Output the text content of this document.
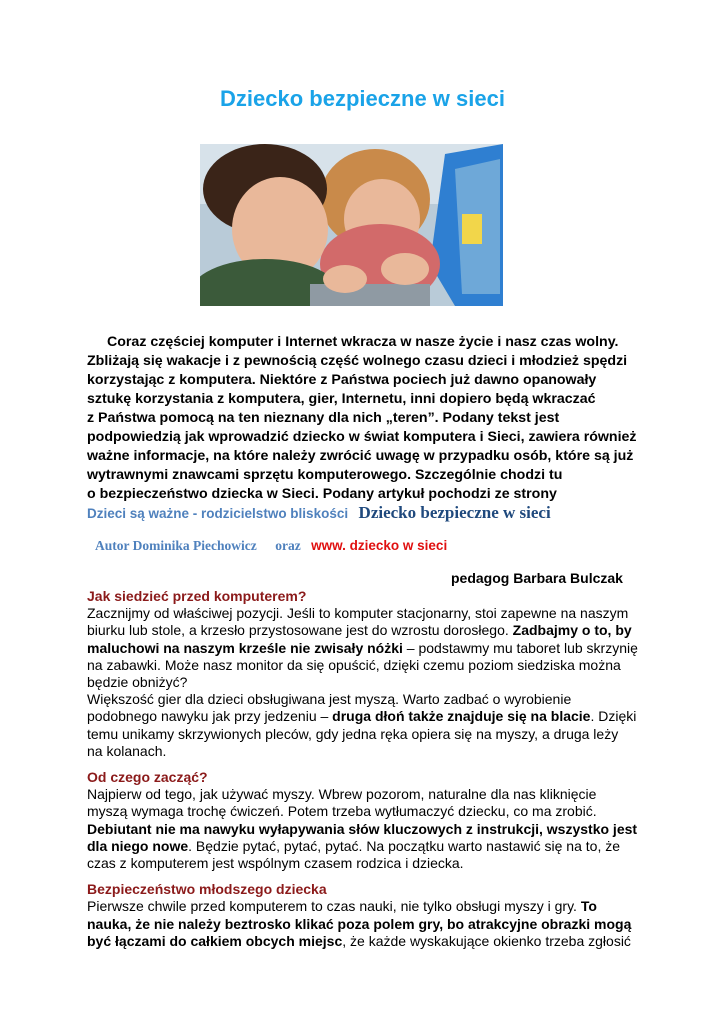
Dziecko bezpieczne w sieci

Coraz częściej komputer i Internet wkracza w nasze życie i nasz czas wolny.

Zbliżają się wakacje i z pewnością część wolnego czasu dzieci i młodzież spędzi

korzystając z komputera. Niektóre z Państwa pociech już dawno opanowały

sztukę korzystania z komputera, gier, Internetu, inni dopiero będą wkraczać

z Państwa pomocą na ten nieznany dla nich „teren”. Podany tekst jest

podpowiedzią jak wprowadzić dziecko w świat komputera i Sieci, zawiera również

ważne informacje, na które należy zwrócić uwagę w przypadku osób, które są już

wytrawnymi znawcami sprzętu komputerowego. Szczególnie chodzi tu

o bezpieczeństwo dziecka w Sieci. Podany artykuł pochodzi ze strony

Dzieci są ważne - rodzicielstwo bliskości Dziecko bezpieczne w sieci
Autor Dominika Piechowicz oraz www. dziecko w sieci
pedagog Barbara Bulczak
Jak siedzieć przed komputerem?

Zacznijmy od właściwej pozycji. Jeśli to komputer stacjonarny, stoi zapewne na naszym

biurku lub stole, a krzesło przystosowane jest do wzrostu dorosłego. Zadbajmy o to, by

maluchowi na naszym krześle nie zwisały nóżki – podstawmy mu taboret lub skrzynię

na zabawki. Może nasz monitor da się opuścić, dzięki czemu poziom siedziska można

będzie obniżyć?

Większość gier dla dzieci obsługiwana jest myszą. Warto zadbać o wyrobienie

podobnego nawyku jak przy jedzeniu – druga dłoń także znajduje się na blacie. Dzięki

temu unikamy skrzywionych pleców, gdy jedna ręka opiera się na myszy, a druga leży

na kolanach.

Od czego zacząć?

Najpierw od tego, jak używać myszy. Wbrew pozorom, naturalne dla nas kliknięcie

myszą wymaga trochę ćwiczeń. Potem trzeba wytłumaczyć dziecku, co ma zrobić.

Debiutant nie ma nawyku wyłapywania słów kluczowych z instrukcji, wszystko jest

dla niego nowe. Będzie pytać, pytać, pytać. Na początku warto nastawić się na to, że

czas z komputerem jest wspólnym czasem rodzica i dziecka.

Bezpieczeństwo młodszego dziecka

Pierwsze chwile przed komputerem to czas nauki, nie tylko obsługi myszy i gry. To

nauka, że nie należy beztrosko klikać poza polem gry, bo atrakcyjne obrazki mogą

być łączami do całkiem obcych miejsc, że każde wyskakujące okienko trzeba zgłosić
